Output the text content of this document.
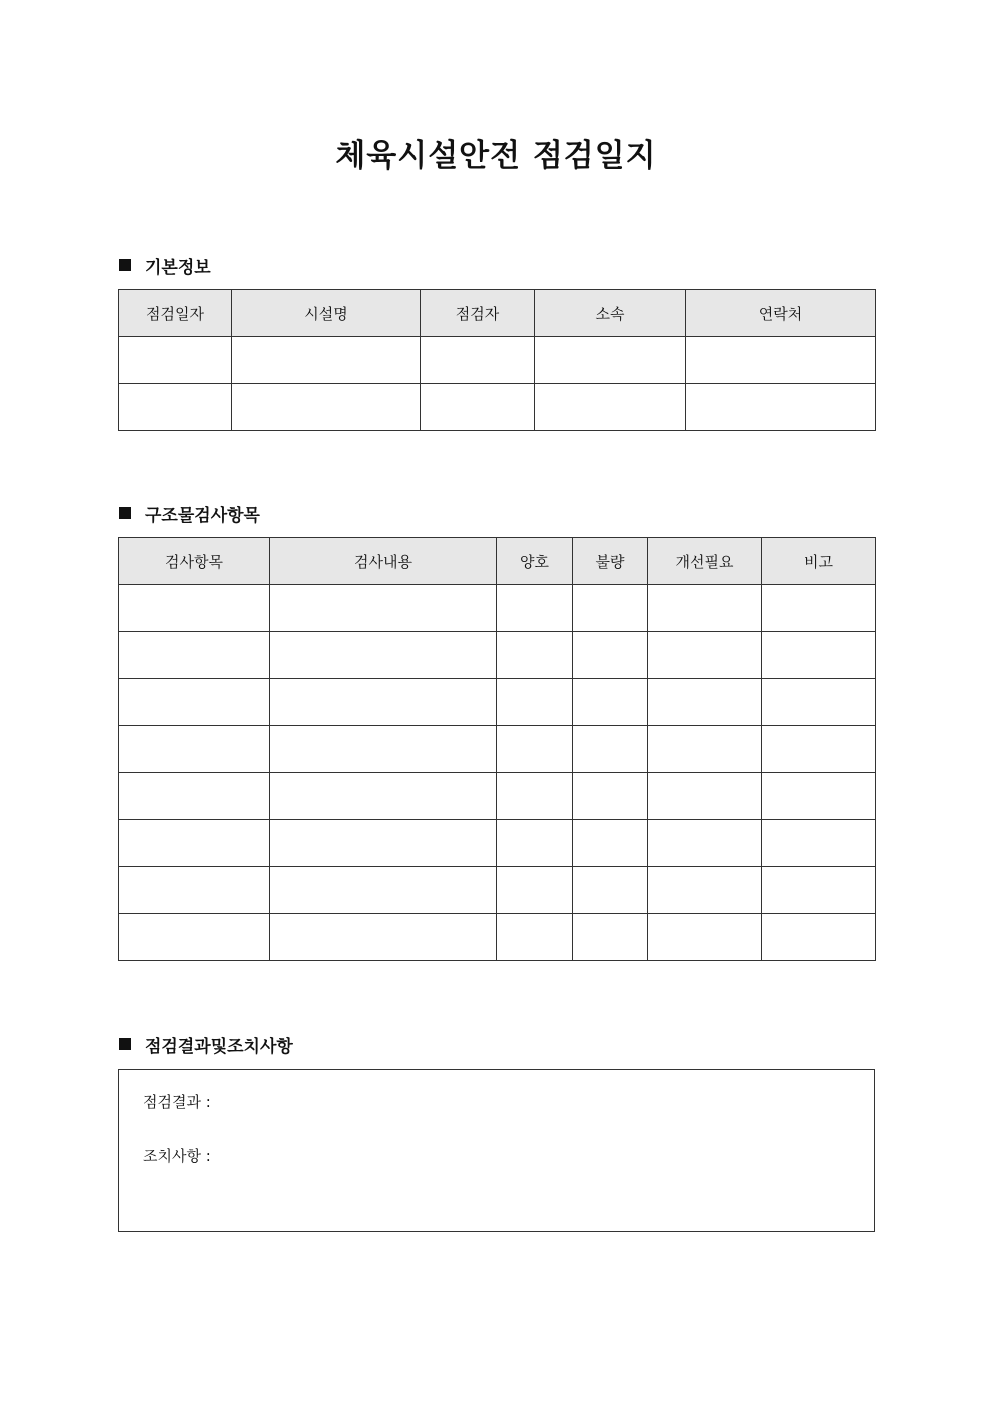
체육시설안전 점검일지
기본정보
점검일자	시설명	점검자	소속	연락처

구조물검사항목
검사항목	검사내용	양호	불량	개선필요	비고

점검결과및조치사항
점검결과 :
조치사항 :
